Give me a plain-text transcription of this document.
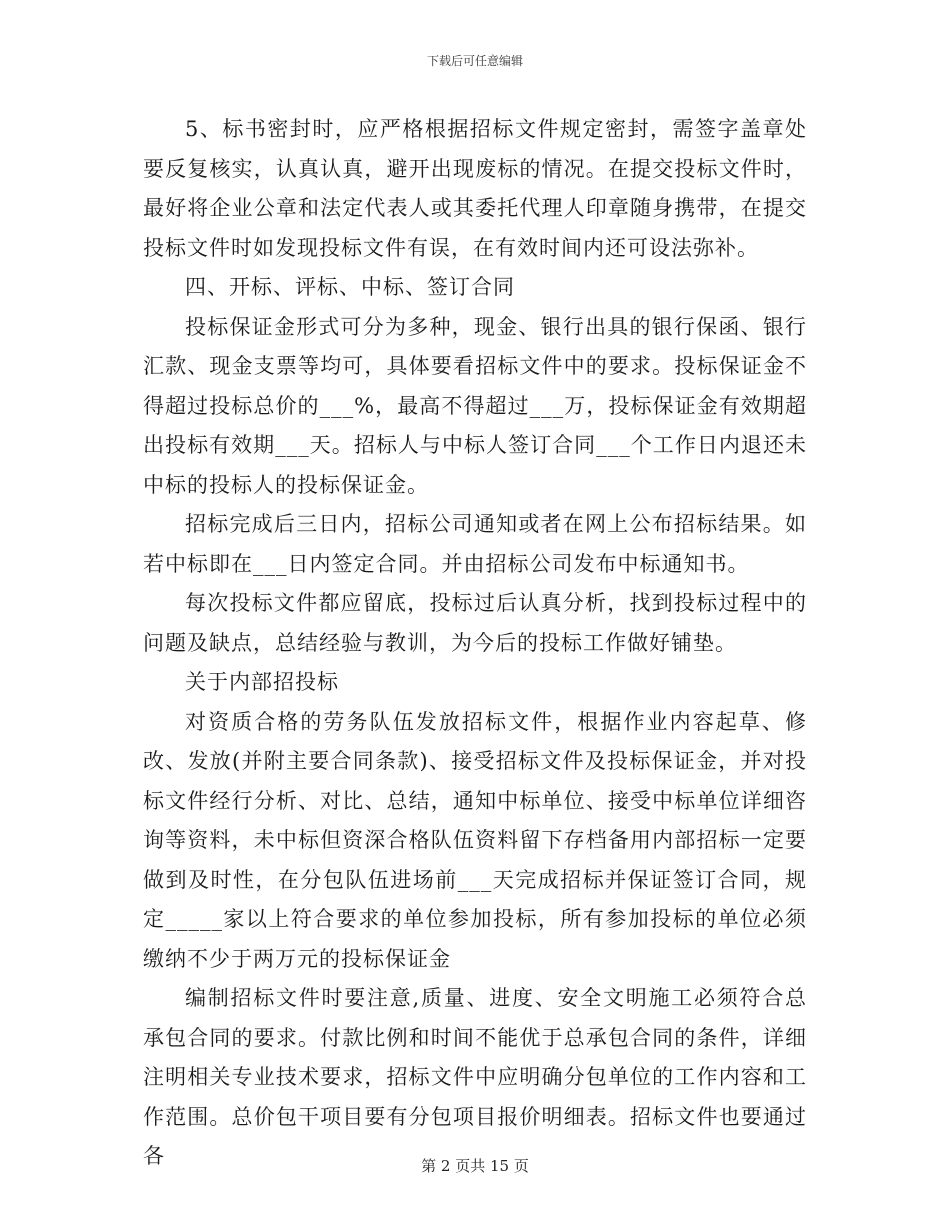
下载后可任意编辑

5、标书密封时，应严格根据招标文件规定密封，需签字盖章处要反复核实，认真认真，避开出现废标的情况。在提交投标文件时，最好将企业公章和法定代表人或其委托代理人印章随身携带，在提交投标文件时如发现投标文件有误，在有效时间内还可设法弥补。

四、开标、评标、中标、签订合同

投标保证金形式可分为多种，现金、银行出具的银行保函、银行汇款、现金支票等均可，具体要看招标文件中的要求。投标保证金不得超过投标总价的___%，最高不得超过___万，投标保证金有效期超出投标有效期___天。招标人与中标人签订合同___个工作日内退还未中标的投标人的投标保证金。

招标完成后三日内，招标公司通知或者在网上公布招标结果。如若中标即在___日内签定合同。并由招标公司发布中标通知书。

每次投标文件都应留底，投标过后认真分析，找到投标过程中的问题及缺点，总结经验与教训，为今后的投标工作做好铺垫。

关于内部招投标

对资质合格的劳务队伍发放招标文件，根据作业内容起草、修改、发放(并附主要合同条款)、接受招标文件及投标保证金，并对投标文件经行分析、对比、总结，通知中标单位、接受中标单位详细咨询等资料，未中标但资深合格队伍资料留下存档备用内部招标一定要做到及时性，在分包队伍进场前___天完成招标并保证签订合同，规定_____家以上符合要求的单位参加投标，所有参加投标的单位必须缴纳不少于两万元的投标保证金

编制招标文件时要注意,质量、进度、安全文明施工必须符合总承包合同的要求。付款比例和时间不能优于总承包合同的条件，详细注明相关专业技术要求，招标文件中应明确分包单位的工作内容和工作范围。总价包干项目要有分包项目报价明细表。招标文件也要通过各	第 2 页共 15 页
